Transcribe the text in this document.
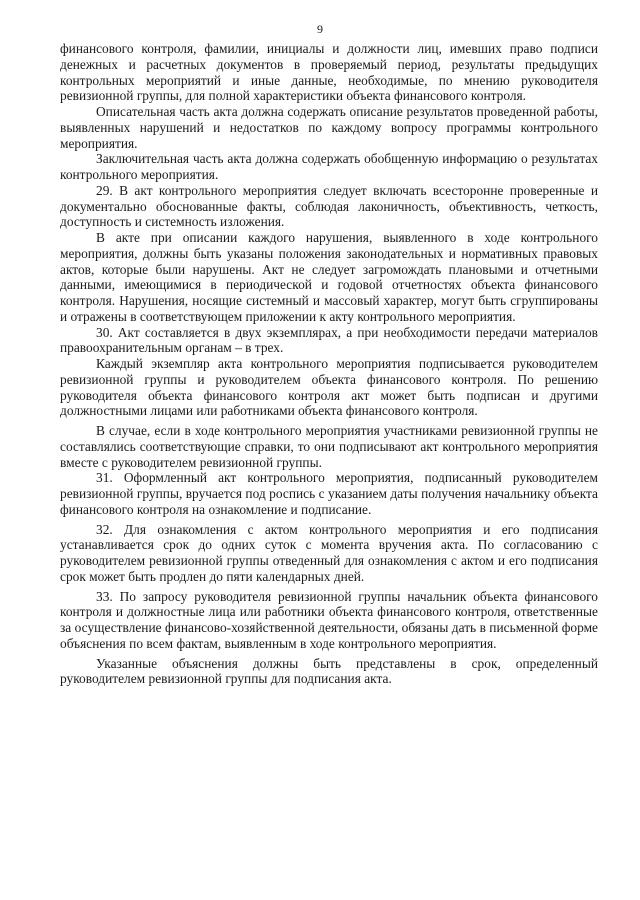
9

финансового контроля, фамилии, инициалы и должности лиц, имевших право подписи денежных и расчетных документов в проверяемый период, результаты предыдущих контрольных мероприятий и иные данные, необходимые, по мнению руководителя ревизионной группы, для полной характеристики объекта финансового контроля.

Описательная часть акта должна содержать описание результатов проведенной работы, выявленных нарушений и недостатков по каждому вопросу программы контрольного мероприятия.

Заключительная часть акта должна содержать обобщенную информацию о результатах контрольного мероприятия.

29. В акт контрольного мероприятия следует включать всесторонне проверенные и документально обоснованные факты, соблюдая лаконичность, объективность, четкость, доступность и системность изложения.

В акте при описании каждого нарушения, выявленного в ходе контрольного мероприятия, должны быть указаны положения законодательных и нормативных правовых актов, которые были нарушены. Акт не следует загромождать плановыми и отчетными данными, имеющимися в периодической и годовой отчетностях объекта финансового контроля. Нарушения, носящие системный и массовый характер, могут быть сгруппированы и отражены в соответствующем приложении к акту контрольного мероприятия.

30. Акт составляется в двух экземплярах, а при необходимости передачи материалов правоохранительным органам – в трех.

Каждый экземпляр акта контрольного мероприятия подписывается руководителем ревизионной группы и руководителем объекта финансового контроля. По решению руководителя объекта финансового контроля акт может быть подписан и другими должностными лицами или работниками объекта финансового контроля.

В случае, если в ходе контрольного мероприятия участниками ревизионной группы не составлялись соответствующие справки, то они подписывают акт контрольного мероприятия вместе с руководителем ревизионной группы.

31. Оформленный акт контрольного мероприятия, подписанный руководителем ревизионной группы, вручается под роспись с указанием даты получения начальнику объекта финансового контроля на ознакомление и подписание.

32. Для ознакомления с актом контрольного мероприятия и его подписания устанавливается срок до одних суток с момента вручения акта. По согласованию с руководителем ревизионной группы отведенный для ознакомления с актом и его подписания срок может быть продлен до пяти календарных дней.

33. По запросу руководителя ревизионной группы начальник объекта финансового контроля и должностные лица или работники объекта финансового контроля, ответственные за осуществление финансово-хозяйственной деятельности, обязаны дать в письменной форме объяснения по всем фактам, выявленным в ходе контрольного мероприятия.

Указанные объяснения должны быть представлены в срок, определенный руководителем ревизионной группы для подписания акта.
